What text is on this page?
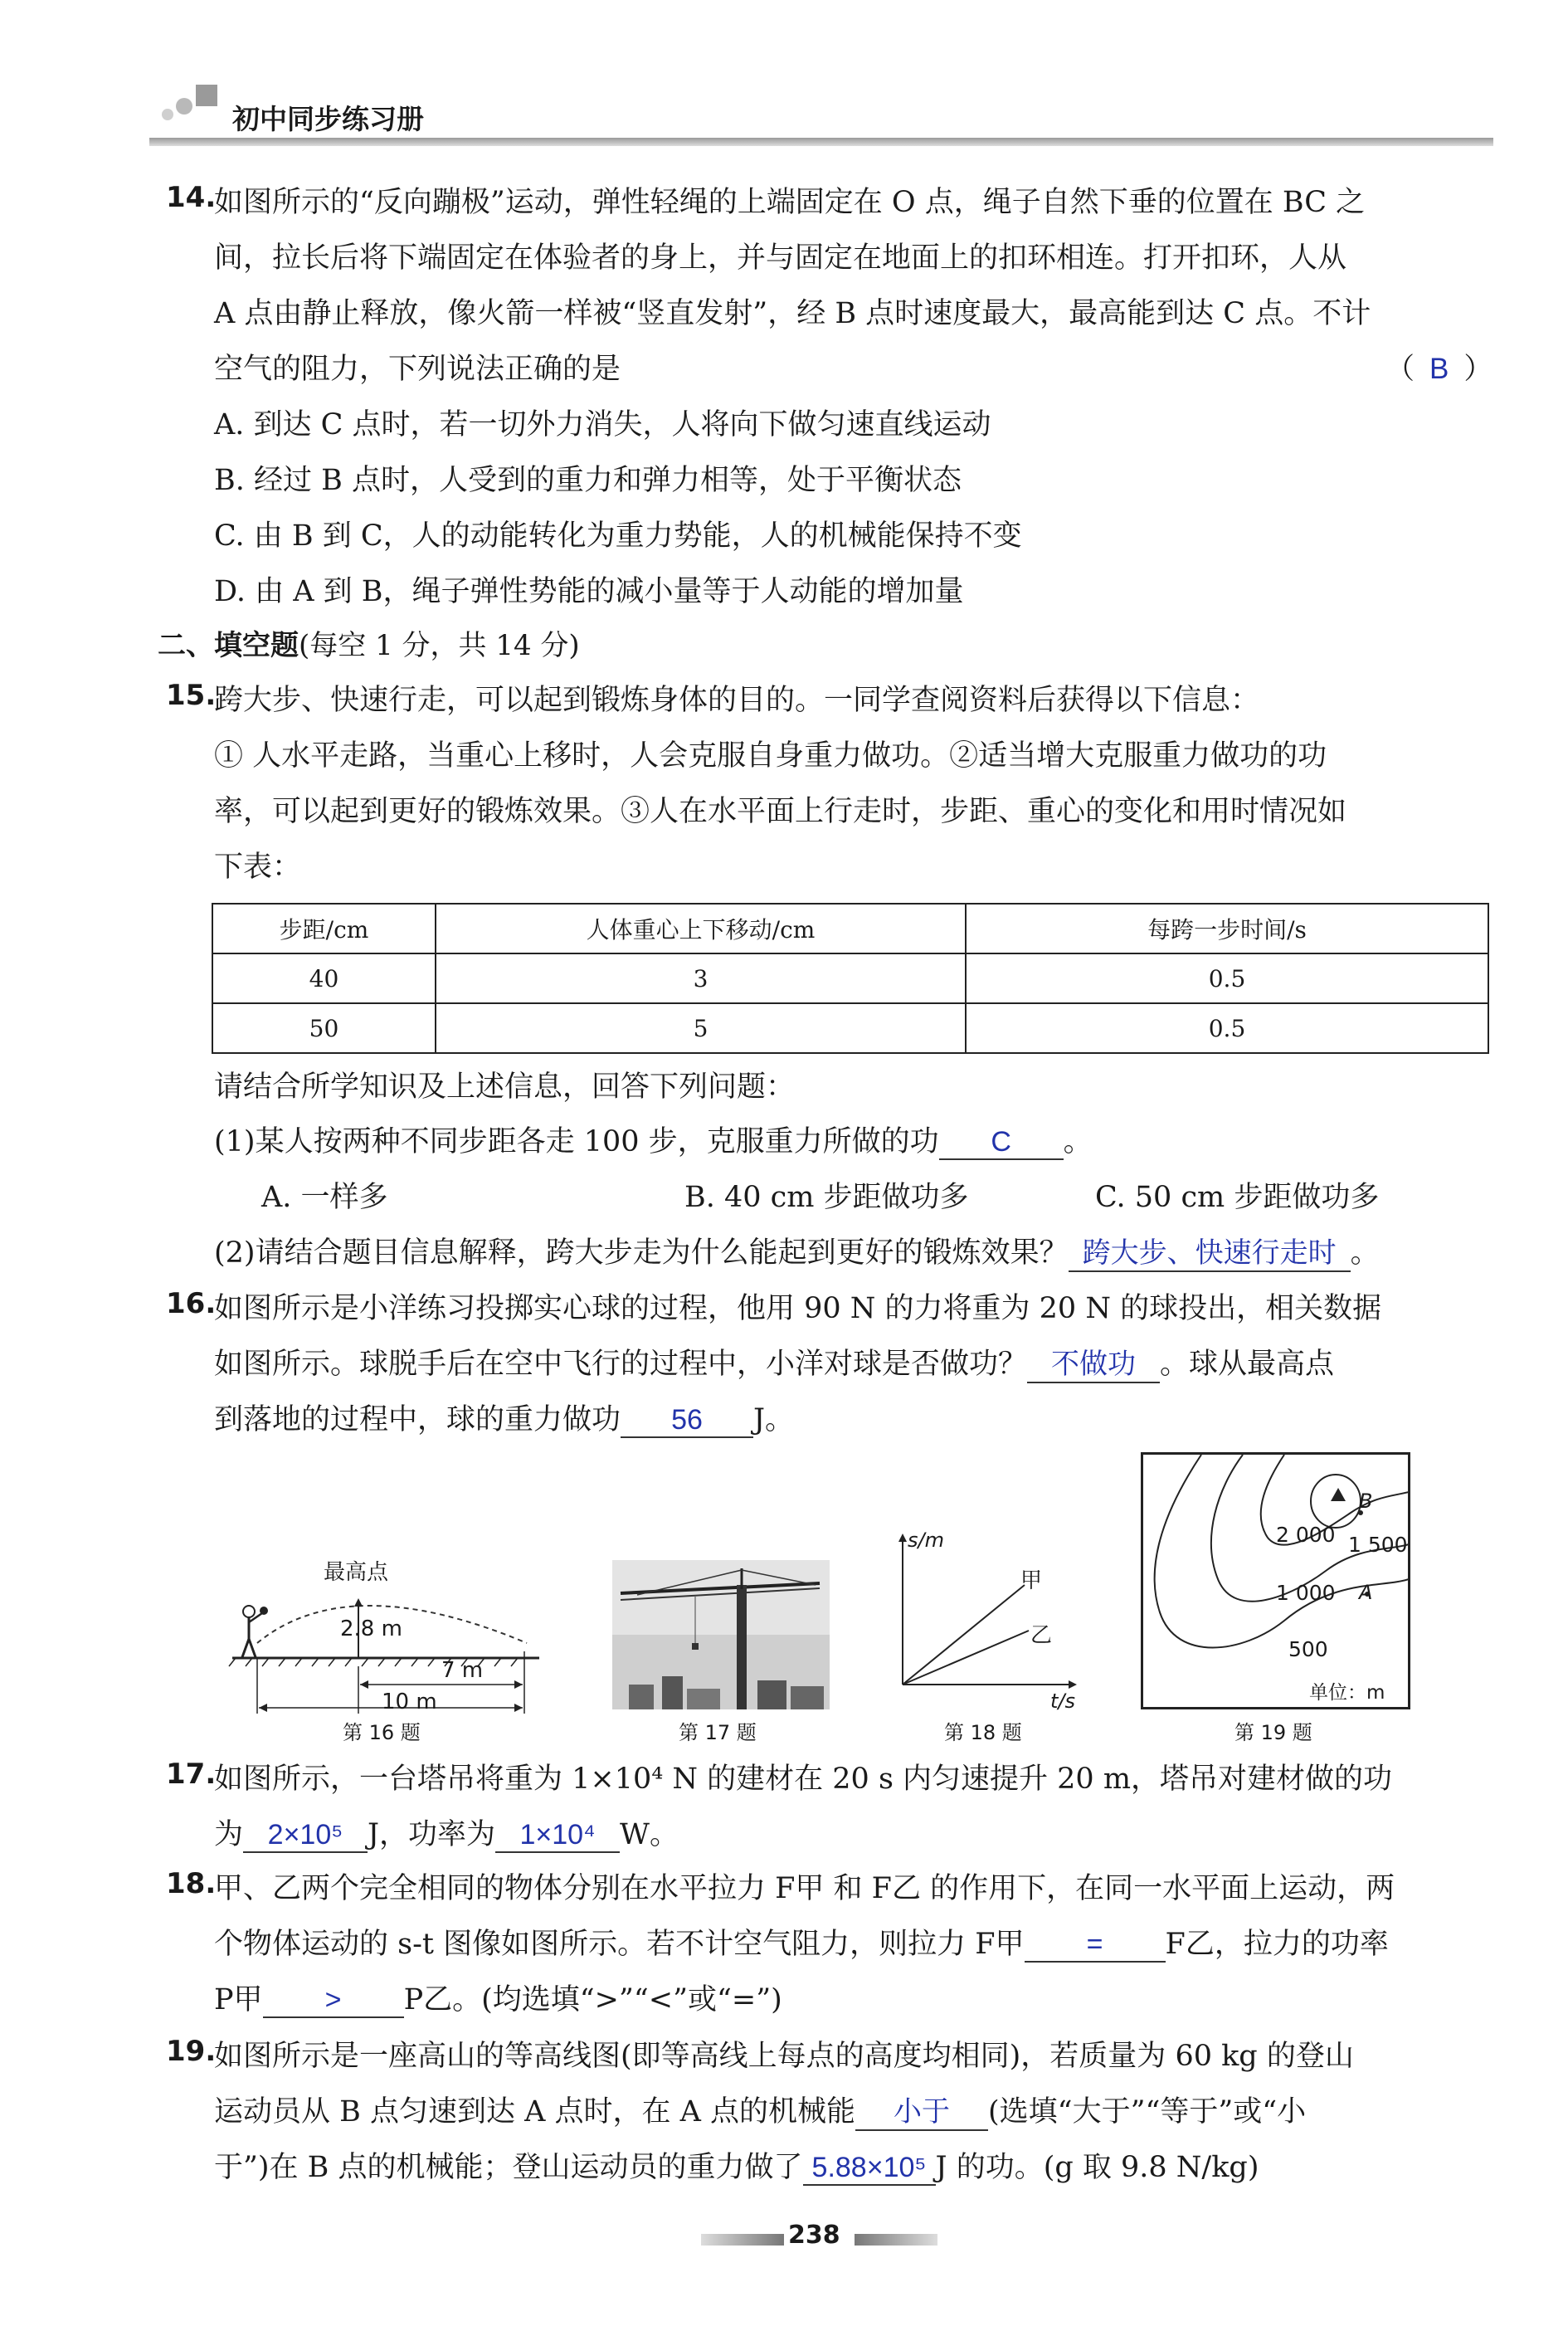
初中同步练习册
14.
如图所示的“反向蹦极”运动，弹性轻绳的上端固定在 O 点，绳子自然下垂的位置在 BC 之
间，拉长后将下端固定在体验者的身上，并与固定在地面上的扣环相连。打开扣环，人从
A 点由静止释放，像火箭一样被“竖直发射”，经 B 点时速度最大，最高能到达 C 点。不计
空气的阻力，下列说法正确的是	（ B ）
A. 到达 C 点时，若一切外力消失，人将向下做匀速直线运动
B. 经过 B 点时，人受到的重力和弹力相等，处于平衡状态
C. 由 B 到 C，人的动能转化为重力势能，人的机械能保持不变
D. 由 A 到 B，绳子弹性势能的减小量等于人动能的增加量
二、填空题(每空 1 分，共 14 分)
15.
跨大步、快速行走，可以起到锻炼身体的目的。一同学查阅资料后获得以下信息：
① 人水平走路，当重心上移时，人会克服自身重力做功。②适当增大克服重力做功的功
率，可以起到更好的锻炼效果。③人在水平面上行走时，步距、重心的变化和用时情况如
下表：
步距/cm	人体重心上下移动/cm	每跨一步时间/s
40	3	0.5
50	5	0.5
请结合所学知识及上述信息，回答下列问题：
(1)某人按两种不同步距各走 100 步，克服重力所做的功 C 。
A. 一样多	B. 40 cm 步距做功多	C. 50 cm 步距做功多
(2)请结合题目信息解释，跨大步走为什么能起到更好的锻炼效果？ 跨大步、快速行走时 。
16.
如图所示是小洋练习投掷实心球的过程，他用 90 N 的力将重为 20 N 的球投出，相关数据
如图所示。球脱手后在空中飞行的过程中，小洋对球是否做功？ 不做功 。球从最高点
到落地的过程中，球的重力做功 56 J。
最高点
2.8 m
7 m
10 m
第 16 题	第 17 题
s/m
t/s
甲
乙
第 18 题
B
2 000 1 500
1 000 A
500
单位：m
第 19 题
17.
如图所示，一台塔吊将重为 1×10⁴ N 的建材在 20 s 内匀速提升 20 m，塔吊对建材做的功
为 2×10⁵ J，功率为 1×10⁴ W。
18.
甲、乙两个完全相同的物体分别在水平拉力 F甲 和 F乙 的作用下，在同一水平面上运动，两
个物体运动的 s-t 图像如图所示。若不计空气阻力，则拉力 F甲 = F乙，拉力的功率
P甲 > P乙。(均选填“>”“<”或“=”)
19.
如图所示是一座高山的等高线图(即等高线上每点的高度均相同)，若质量为 60 kg 的登山
运动员从 B 点匀速到达 A 点时，在 A 点的机械能 小于 (选填“大于”“等于”或“小
于”)在 B 点的机械能；登山运动员的重力做了 5.88×10⁵ J 的功。(g 取 9.8 N/kg)
238
